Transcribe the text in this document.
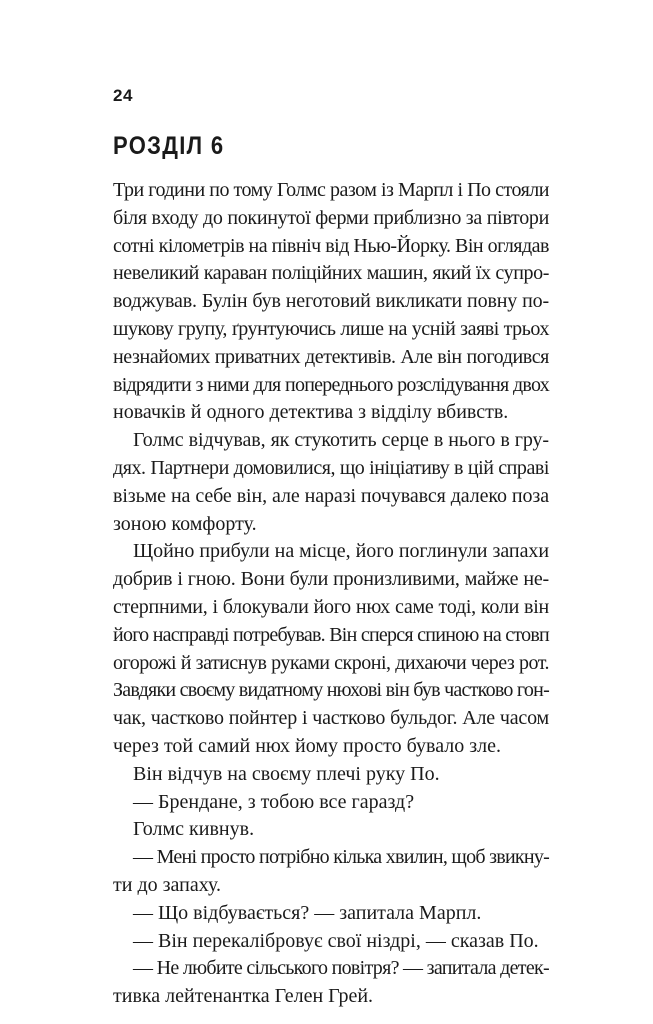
24

РОЗДІЛ 6
Три години по тому Голмс разом із Марпл і По стояли
біля входу до покинутої ферми приблизно за півтори
сотні кілометрів на північ від Нью-Йорку. Він оглядав
невеликий караван поліційних машин, який їх супро-
воджував. Булін був неготовий викликати повну по-
шукову групу, ґрунтуючись лише на усній заяві трьох
незнайомих приватних детективів. Але він погодився
відрядити з ними для попереднього розслідування двох
новачків й одного детектива з відділу вбивств.
Голмс відчував, як стукотить серце в нього в гру-
дях. Партнери домовилися, що ініціативу в цій справі
візьме на себе він, але наразі почувався далеко поза
зоною комфорту.
Щойно прибули на місце, його поглинули запахи
добрив і гною. Вони були пронизливими, майже не-
стерпними, і блокували його нюх саме тоді, коли він
його насправді потребував. Він сперся спиною на стовп
огорожі й затиснув руками скроні, дихаючи через рот.
Завдяки своєму видатному нюхові він був частково гон-
чак, частково пойнтер і частково бульдог. Але часом
через той самий нюх йому просто бувало зле.
Він відчув на своєму плечі руку По.
— Брендане, з тобою все гаразд?
Голмс кивнув.
— Мені просто потрібно кілька хвилин, щоб звикну-
ти до запаху.
— Що відбувається? — запитала Марпл.
— Він перекалібровує свої ніздрі, — сказав По.
— Не любите сільського повітря? — запитала детек-
тивка лейтенантка Гелен Грей.
